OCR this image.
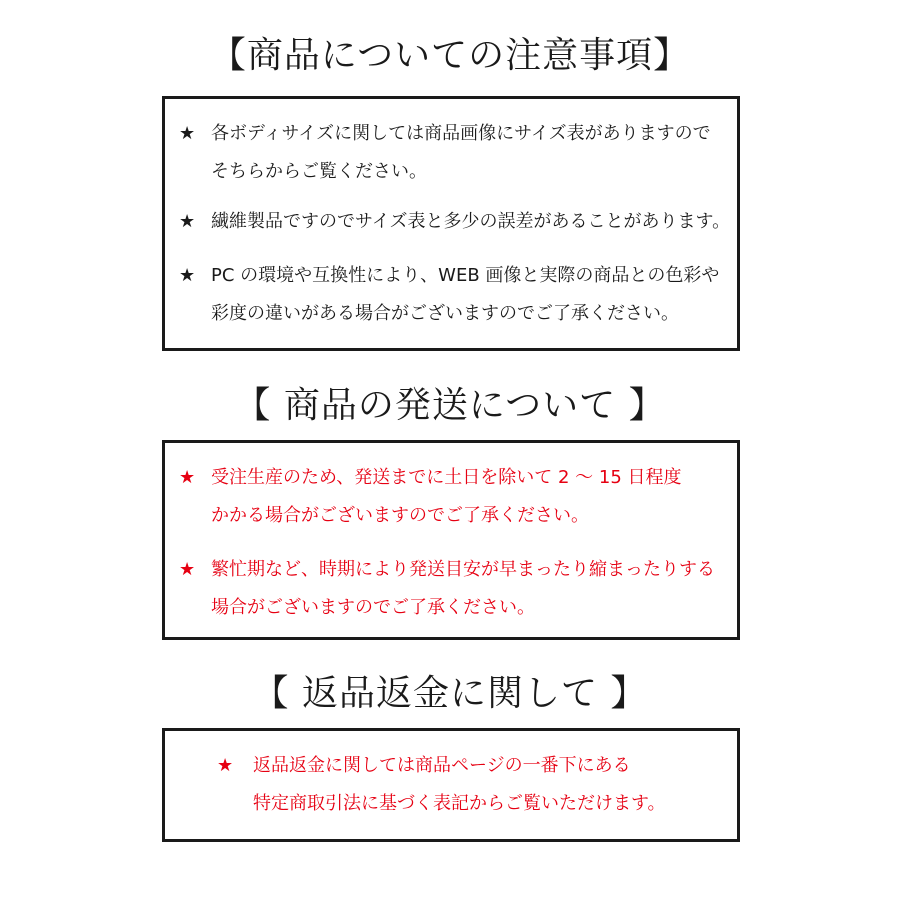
【商品についての注意事項】
★ 各ボディサイズに関しては商品画像にサイズ表がありますので
そちらからご覧ください。
★ 繊維製品ですのでサイズ表と多少の誤差があることがあります。
★ PC の環境や互換性により、WEB 画像と実際の商品との色彩や
彩度の違いがある場合がございますのでご了承ください。
【 商品の発送について 】
★ 受注生産のため、発送までに土日を除いて 2 ～ 15 日程度
かかる場合がございますのでご了承ください。
★ 繁忙期など、時期により発送目安が早まったり縮まったりする
場合がございますのでご了承ください。
【 返品返金に関して 】
★ 返品返金に関しては商品ページの一番下にある
特定商取引法に基づく表記からご覧いただけます。
